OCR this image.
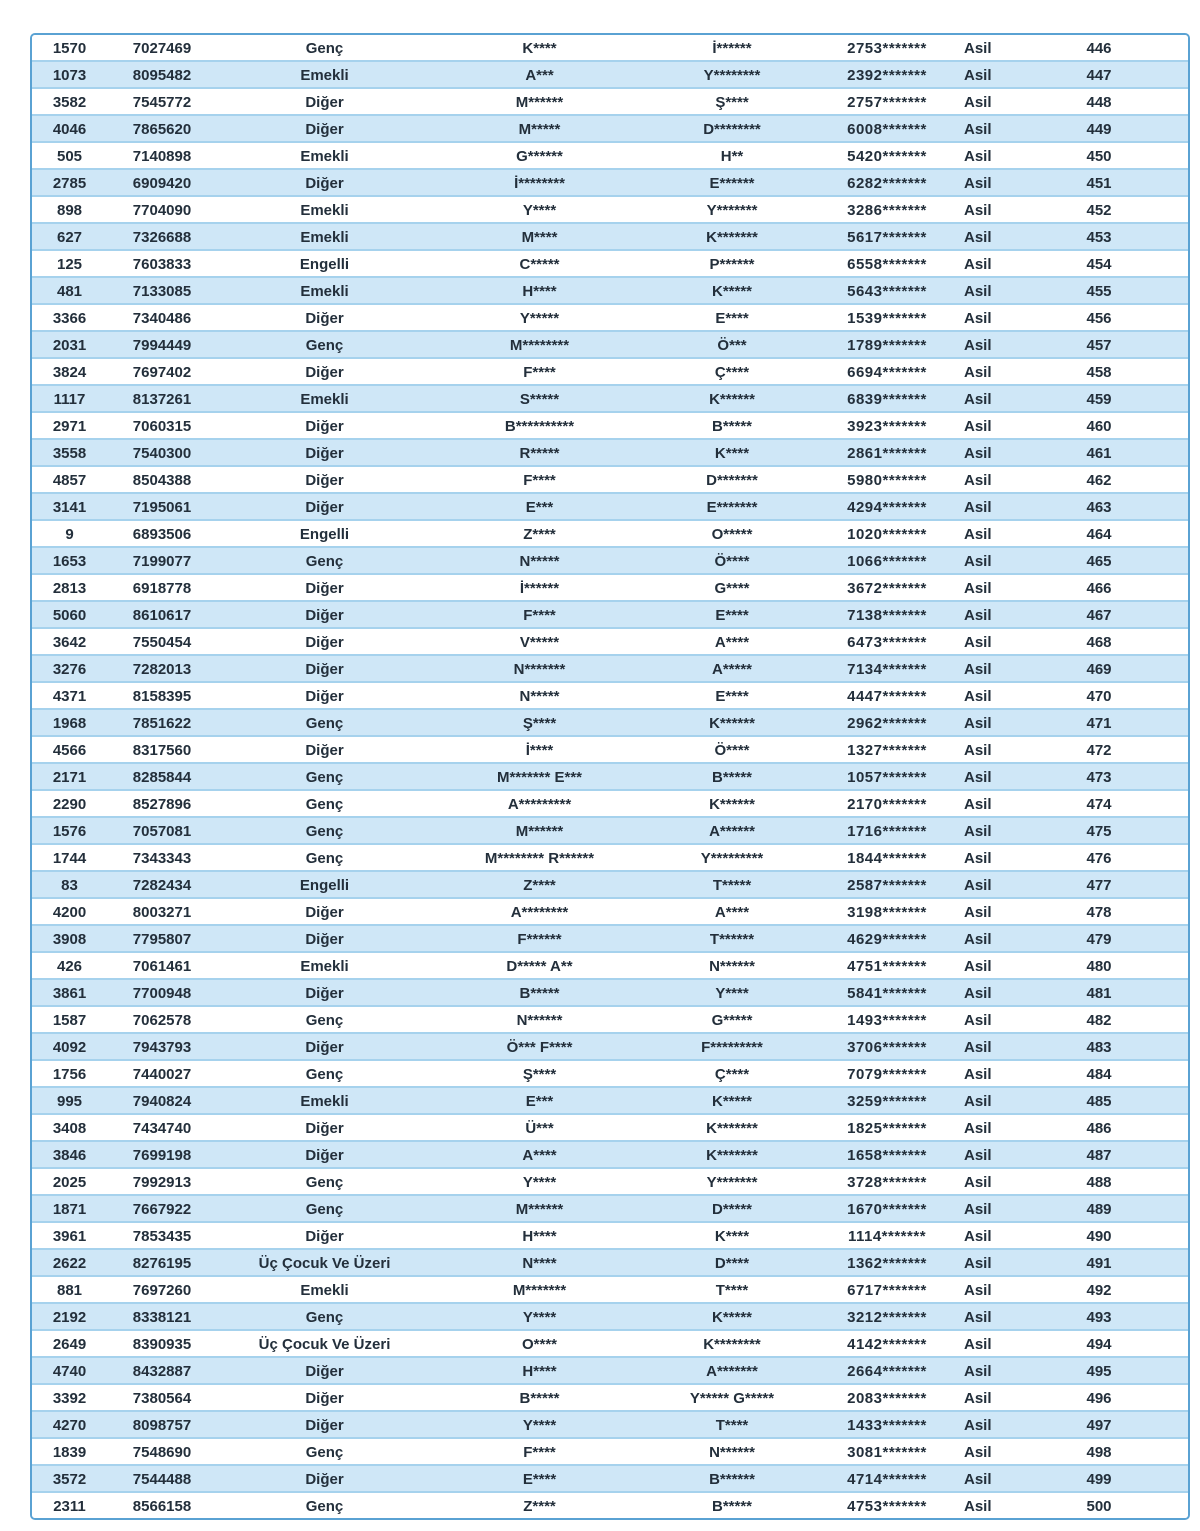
1570	7027469	Genç	K****	İ******	2753*******	Asil	446
1073	8095482	Emekli	A***	Y********	2392*******	Asil	447
3582	7545772	Diğer	M******	Ş****	2757*******	Asil	448
4046	7865620	Diğer	M*****	D********	6008*******	Asil	449
505	7140898	Emekli	G******	H**	5420*******	Asil	450
2785	6909420	Diğer	İ********	E******	6282*******	Asil	451
898	7704090	Emekli	Y****	Y*******	3286*******	Asil	452
627	7326688	Emekli	M****	K*******	5617*******	Asil	453
125	7603833	Engelli	C*****	P******	6558*******	Asil	454
481	7133085	Emekli	H****	K*****	5643*******	Asil	455
3366	7340486	Diğer	Y*****	E****	1539*******	Asil	456
2031	7994449	Genç	M********	Ö***	1789*******	Asil	457
3824	7697402	Diğer	F****	Ç****	6694*******	Asil	458
1117	8137261	Emekli	S*****	K******	6839*******	Asil	459
2971	7060315	Diğer	B**********	B*****	3923*******	Asil	460
3558	7540300	Diğer	R*****	K****	2861*******	Asil	461
4857	8504388	Diğer	F****	D*******	5980*******	Asil	462
3141	7195061	Diğer	E***	E*******	4294*******	Asil	463
9	6893506	Engelli	Z****	O*****	1020*******	Asil	464
1653	7199077	Genç	N*****	Ö****	1066*******	Asil	465
2813	6918778	Diğer	İ******	G****	3672*******	Asil	466
5060	8610617	Diğer	F****	E****	7138*******	Asil	467
3642	7550454	Diğer	V*****	A****	6473*******	Asil	468
3276	7282013	Diğer	N*******	A*****	7134*******	Asil	469
4371	8158395	Diğer	N*****	E****	4447*******	Asil	470
1968	7851622	Genç	Ş****	K******	2962*******	Asil	471
4566	8317560	Diğer	İ****	Ö****	1327*******	Asil	472
2171	8285844	Genç	M******* E***	B*****	1057*******	Asil	473
2290	8527896	Genç	A*********	K******	2170*******	Asil	474
1576	7057081	Genç	M******	A******	1716*******	Asil	475
1744	7343343	Genç	M******** R******	Y*********	1844*******	Asil	476
83	7282434	Engelli	Z****	T*****	2587*******	Asil	477
4200	8003271	Diğer	A********	A****	3198*******	Asil	478
3908	7795807	Diğer	F******	T******	4629*******	Asil	479
426	7061461	Emekli	D***** A**	N******	4751*******	Asil	480
3861	7700948	Diğer	B*****	Y****	5841*******	Asil	481
1587	7062578	Genç	N******	G*****	1493*******	Asil	482
4092	7943793	Diğer	Ö*** F****	F*********	3706*******	Asil	483
1756	7440027	Genç	Ş****	Ç****	7079*******	Asil	484
995	7940824	Emekli	E***	K*****	3259*******	Asil	485
3408	7434740	Diğer	Ü***	K*******	1825*******	Asil	486
3846	7699198	Diğer	A****	K*******	1658*******	Asil	487
2025	7992913	Genç	Y****	Y*******	3728*******	Asil	488
1871	7667922	Genç	M******	D*****	1670*******	Asil	489
3961	7853435	Diğer	H****	K****	1114*******	Asil	490
2622	8276195	Üç Çocuk Ve Üzeri	N****	D****	1362*******	Asil	491
881	7697260	Emekli	M*******	T****	6717*******	Asil	492
2192	8338121	Genç	Y****	K*****	3212*******	Asil	493
2649	8390935	Üç Çocuk Ve Üzeri	O****	K********	4142*******	Asil	494
4740	8432887	Diğer	H****	A*******	2664*******	Asil	495
3392	7380564	Diğer	B*****	Y***** G*****	2083*******	Asil	496
4270	8098757	Diğer	Y****	T****	1433*******	Asil	497
1839	7548690	Genç	F****	N******	3081*******	Asil	498
3572	7544488	Diğer	E****	B******	4714*******	Asil	499
2311	8566158	Genç	Z****	B*****	4753*******	Asil	500
